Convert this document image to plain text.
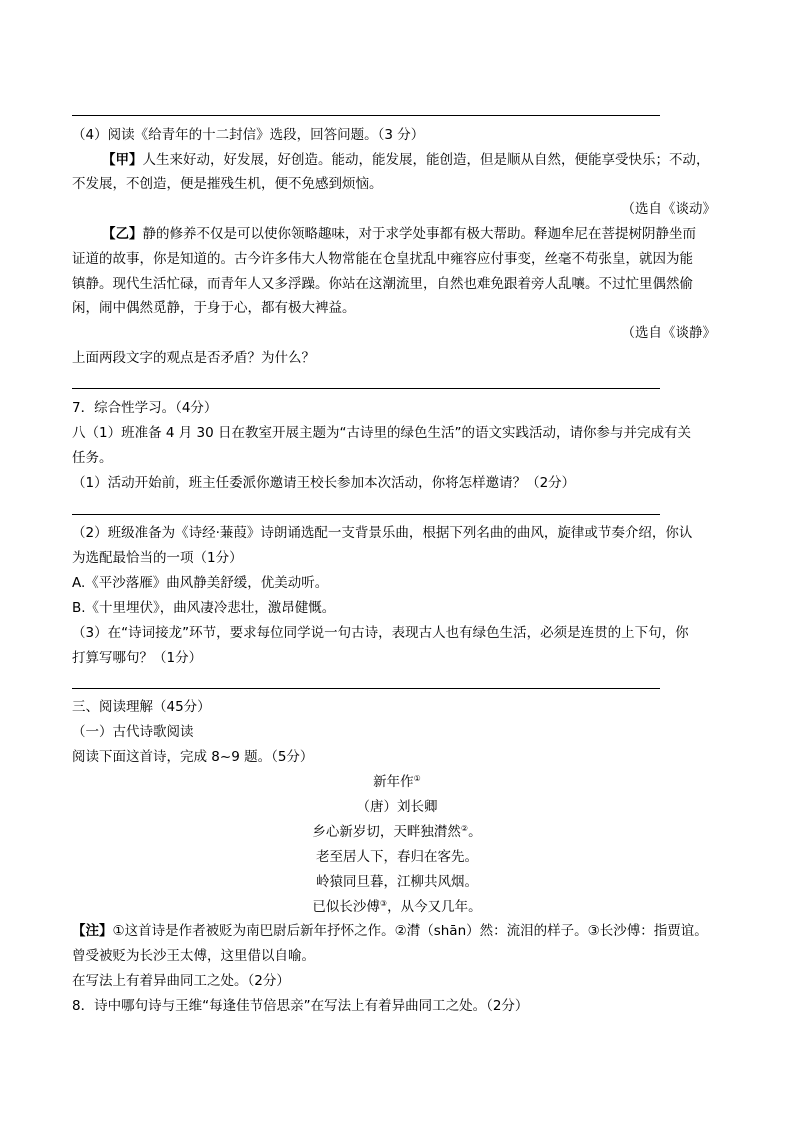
（4）阅读《给青年的十二封信》选段，回答问题。（3 分）
【甲】人生来好动，好发展，好创造。能动，能发展，能创造，但是顺从自然，便能享受快乐；不动，
不发展，不创造，便是摧残生机，便不免感到烦恼。
（选自《谈动》
【乙】静的修养不仅是可以使你领略趣味，对于求学处事都有极大帮助。释迦牟尼在菩提树阴静坐而
证道的故事，你是知道的。古今许多伟大人物常能在仓皇扰乱中雍容应付事变，丝毫不苟张皇，就因为能
镇静。现代生活忙碌，而青年人又多浮躁。你站在这潮流里，自然也难免跟着旁人乱嚷。不过忙里偶然偷
闲，闹中偶然觅静，于身于心，都有极大裨益。
（选自《谈静》
上面两段文字的观点是否矛盾？为什么？
7．综合性学习。（4分）
八（1）班准备 4 月 30 日在教室开展主题为“古诗里的绿色生活”的语文实践活动，请你参与并完成有关
任务。
（1）活动开始前，班主任委派你邀请王校长参加本次活动，你将怎样邀请？（2分）
（2）班级准备为《诗经·蒹葭》诗朗诵选配一支背景乐曲，根据下列名曲的曲风，旋律或节奏介绍，你认
为选配最恰当的一项（1分）
A.《平沙落雁》曲风静美舒缓，优美动听。
B.《十里埋伏》，曲风凄冷悲壮，激昂健慨。
（3）在“诗词接龙”环节，要求每位同学说一句古诗，表现古人也有绿色生活，必须是连贯的上下句，你
打算写哪句？（1分）
三、阅读理解（45分）
（一）古代诗歌阅读
阅读下面这首诗，完成 8~9 题。（5分）
新年作①
（唐）刘长卿
乡心新岁切，天畔独潸然②。
老至居人下，春归在客先。
岭猿同旦暮，江柳共风烟。
已似长沙傅③，从今又几年。
【注】①这首诗是作者被贬为南巴尉后新年抒怀之作。②潸（shān）然：流泪的样子。③长沙傅：指贾谊。
曾受被贬为长沙王太傅，这里借以自喻。
在写法上有着异曲同工之处。（2分）
8．诗中哪句诗与王维“每逢佳节倍思亲”在写法上有着异曲同工之处。（2分）
